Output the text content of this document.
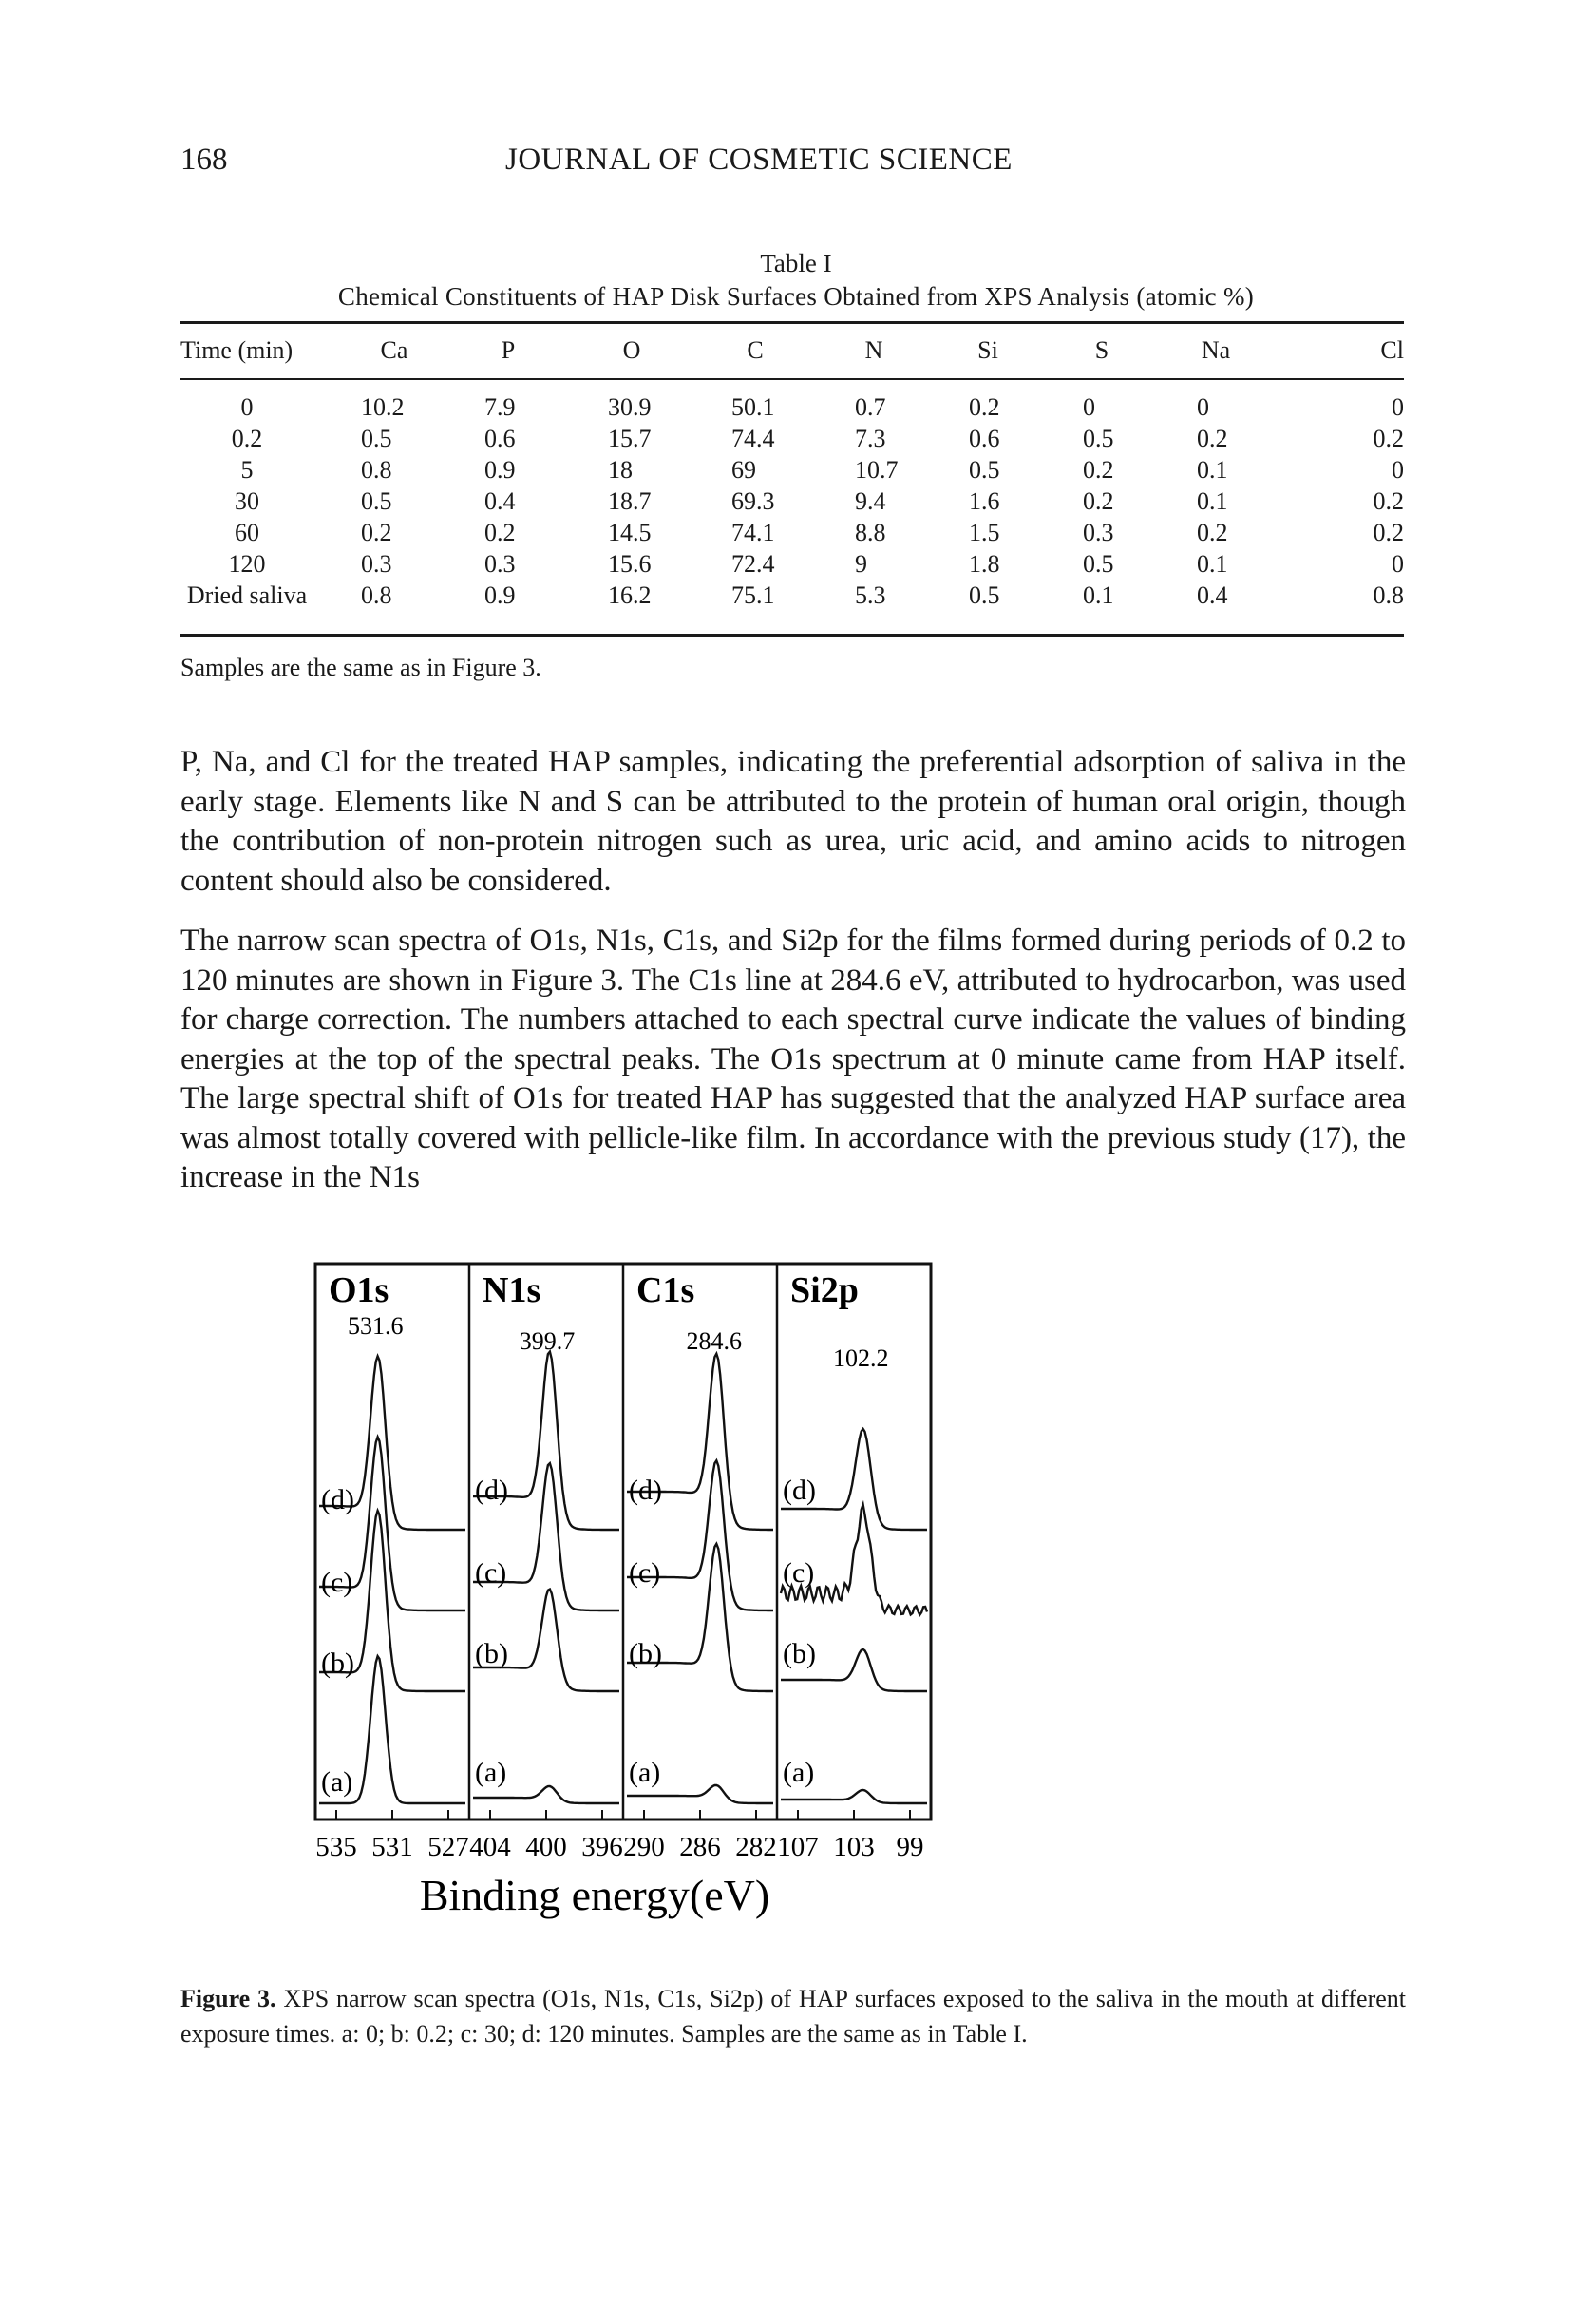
168	JOURNAL OF COSMETIC SCIENCE
Table I
Chemical Constituents of HAP Disk Surfaces Obtained from XPS Analysis (atomic %)
Time (min)	Ca	P	O	C	N	Si	S	Na	Cl
0	10.2	7.9	30.9	50.1	0.7	0.2	0	0	0
0.2	0.5	0.6	15.7	74.4	7.3	0.6	0.5	0.2	0.2
5	0.8	0.9	18	69	10.7	0.5	0.2	0.1	0
30	0.5	0.4	18.7	69.3	9.4	1.6	0.2	0.1	0.2
60	0.2	0.2	14.5	74.1	8.8	1.5	0.3	0.2	0.2
120	0.3	0.3	15.6	72.4	9	1.8	0.5	0.1	0
Dried saliva	0.8	0.9	16.2	75.1	5.3	0.5	0.1	0.4	0.8
Samples are the same as in Figure 3.

P, Na, and Cl for the treated HAP samples, indicating the preferential adsorption of saliva in the early stage. Elements like N and S can be attributed to the protein of human oral origin, though the contribution of non-protein nitrogen such as urea, uric acid, and amino acids to nitrogen content should also be considered.

The narrow scan spectra of O1s, N1s, C1s, and Si2p for the films formed during periods of 0.2 to 120 minutes are shown in Figure 3. The C1s line at 284.6 eV, attributed to hydrocarbon, was used for charge correction. The numbers attached to each spectral curve indicate the values of binding energies at the top of the spectral peaks. The O1s spectrum at 0 minute came from HAP itself. The large spectral shift of O1s for treated HAP has suggested that the analyzed HAP surface area was almost totally covered with pellicle-like film. In accordance with the previous study (17), the increase in the N1s

O1s
531.6
(a)
(b)
(c)
(d)
535 531 527
N1s
399.7
(a)
(b)
(c)
(d)
404 400 396
C1s
284.6
(a)
(b)
(c)
(d)
290 286 282
Si2p
102.2
(a)
(b)
(c)
(d)
107 103 99
Binding energy(eV)
Figure 3. XPS narrow scan spectra (O1s, N1s, C1s, Si2p) of HAP surfaces exposed to the saliva in the mouth at different exposure times. a: 0; b: 0.2; c: 30; d: 120 minutes. Samples are the same as in Table I.
